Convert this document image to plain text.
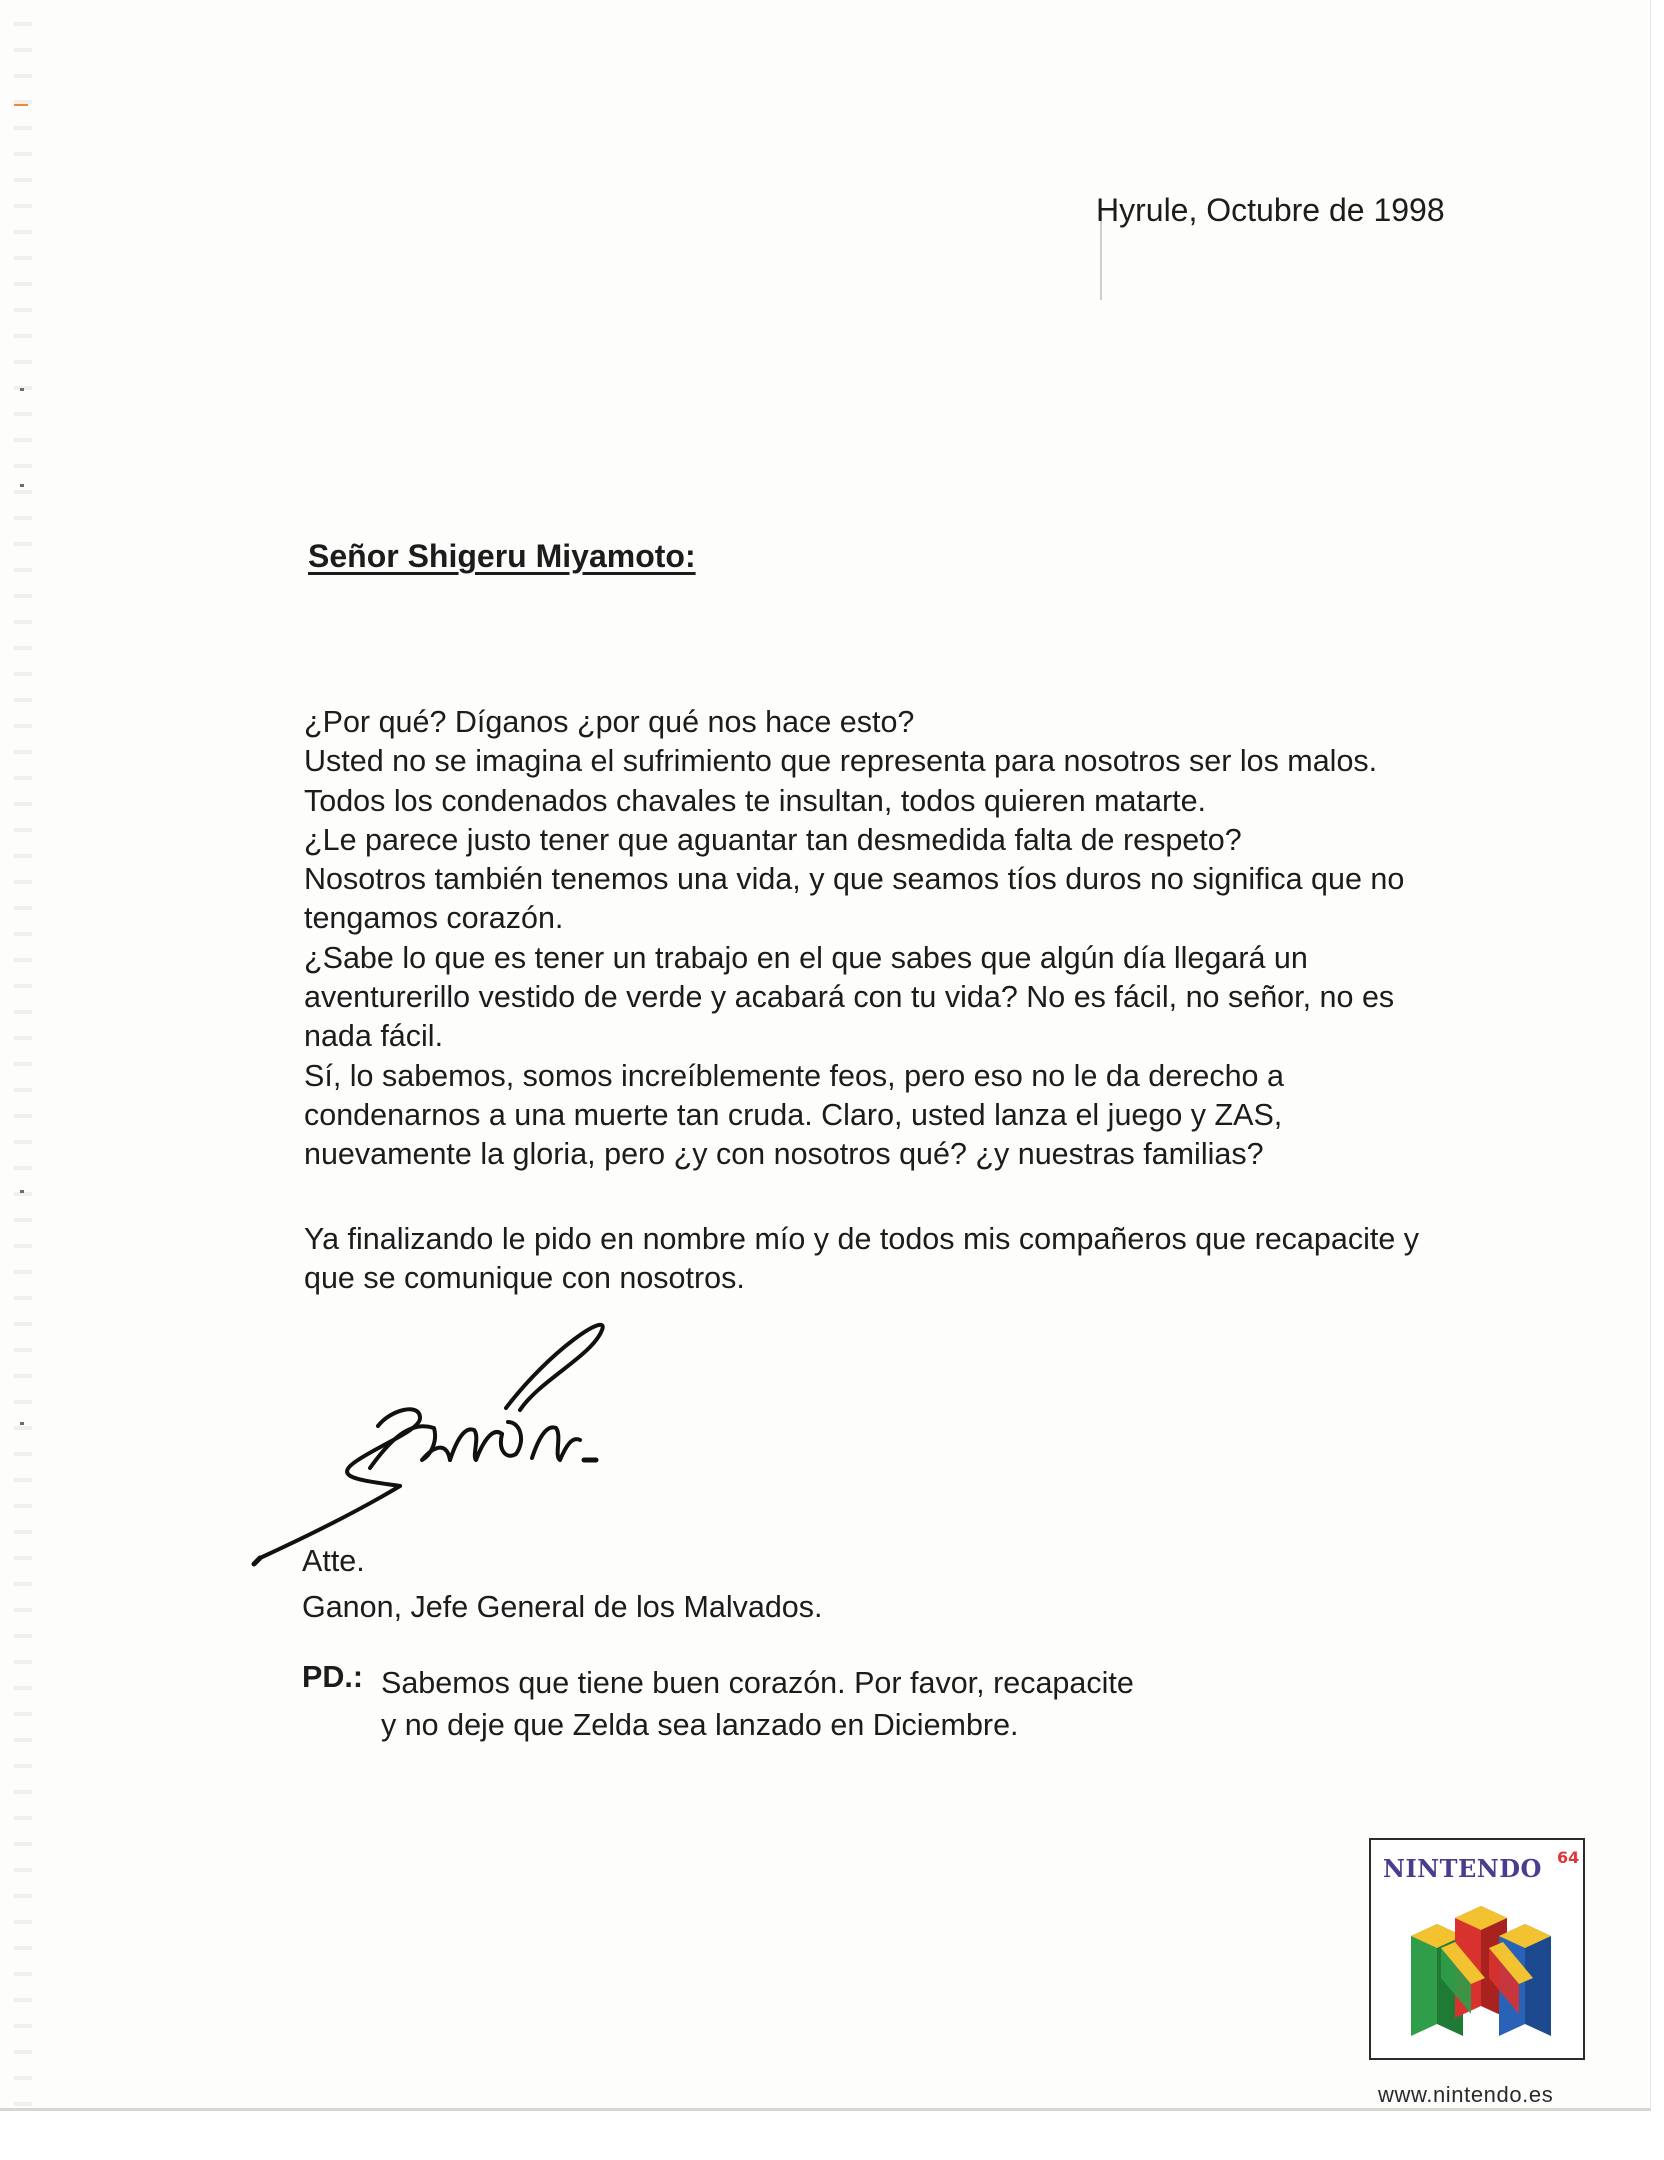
Hyrule, Octubre de 1998
Señor Shigeru Miyamoto:

¿Por qué? Díganos ¿por qué nos hace esto?

Usted no se imagina el sufrimiento que representa para nosotros ser los malos.

Todos los condenados chavales te insultan, todos quieren matarte.

¿Le parece justo tener que aguantar tan desmedida falta de respeto?

Nosotros también tenemos una vida, y que seamos tíos duros no significa que no

tengamos corazón.

¿Sabe lo que es tener un trabajo en el que sabes que algún día llegará un

aventurerillo vestido de verde y acabará con tu vida? No es fácil, no señor, no es

nada fácil.

Sí, lo sabemos, somos increíblemente feos, pero eso no le da derecho a

condenarnos a una muerte tan cruda. Claro, usted lanza el juego y ZAS,

nuevamente la gloria, pero ¿y con nosotros qué? ¿y nuestras familias?

Ya finalizando le pido en nombre mío y de todos mis compañeros que recapacite y

que se comunique con nosotros.

Atte.
Ganon, Jefe General de los Malvados.
PD.: Sabemos que tiene buen corazón. Por favor, recapacite
y no deje que Zelda sea lanzado en Diciembre.
NINTENDO 64
www.nintendo.es
